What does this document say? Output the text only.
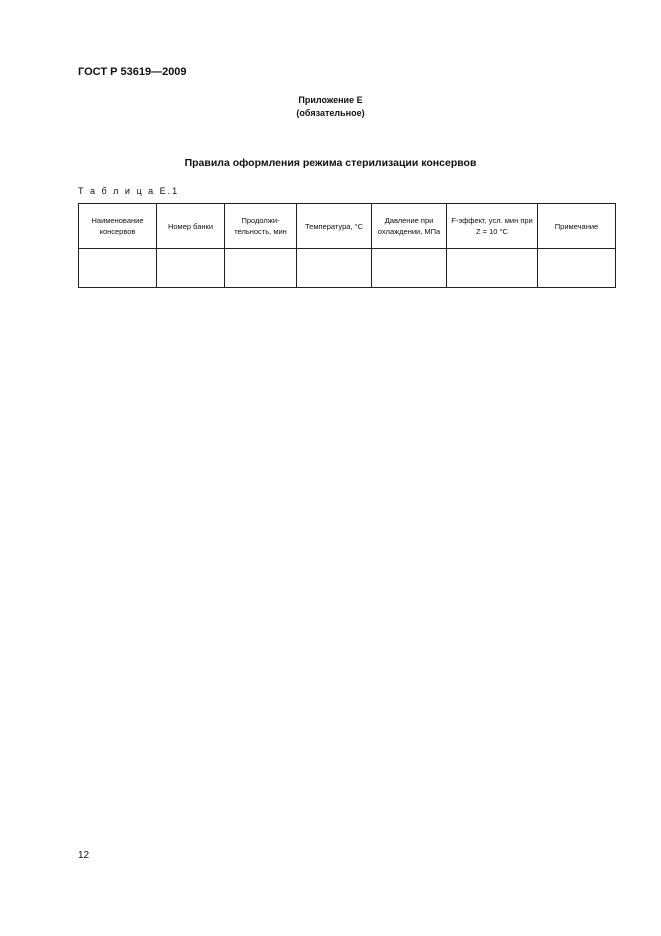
ГОСТ Р 53619—2009
Приложение Е
(обязательное)
Правила оформления режима стерилизации консервов
Т а б л и ц а Е.1
Наименование консервов	Номер банки	Продолжи-тельность, мин	Температура, °С	Давление при охлаждении, МПа	F-эффект, усл. мин при Z = 10 °С	Примечание

12
